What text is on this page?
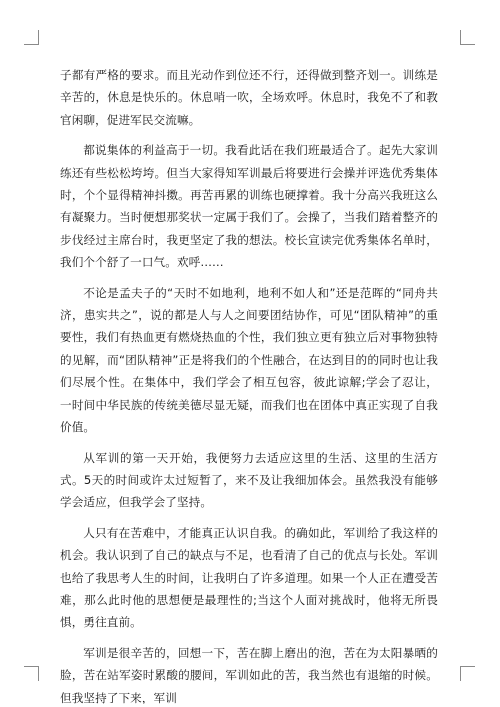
子都有严格的要求。而且光动作到位还不行，还得做到整齐划一。训练是辛苦的，休息是快乐的。休息哨一吹，全场欢呼。休息时，我免不了和教官闲聊，促进军民交流嘛。

都说集体的利益高于一切。我看此话在我们班最适合了。起先大家训练还有些松松垮垮。但当大家得知军训最后将要进行会操并评选优秀集体时，个个显得精神抖擞。再苦再累的训练也硬撑着。我十分高兴我班这么有凝聚力。当时便想那奖状一定属于我们了。会操了，当我们踏着整齐的步伐经过主席台时，我更坚定了我的想法。校长宣读完优秀集体名单时，我们个个舒了一口气。欢呼……

不论是孟夫子的“天时不如地利，地利不如人和”还是范晖的“同舟共济，患实共之”，说的都是人与人之间要团结协作，可见“团队精神”的重要性，我们有热血更有燃烧热血的个性，我们独立更有独立后对事物独特的见解，而“团队精神”正是将我们的个性融合，在达到目的的同时也让我们尽展个性。在集体中，我们学会了相互包容，彼此谅解;学会了忍让，一时间中华民族的传统美德尽显无疑，而我们也在团体中真正实现了自我价值。

从军训的第一天开始，我便努力去适应这里的生活、这里的生活方式。5天的时间或许太过短暂了，来不及让我细加体会。虽然我没有能够学会适应，但我学会了坚持。

人只有在苦难中，才能真正认识自我。的确如此，军训给了我这样的机会。我认识到了自己的缺点与不足，也看清了自己的优点与长处。军训也给了我思考人生的时间，让我明白了许多道理。如果一个人正在遭受苦难，那么此时他的思想便是最理性的;当这个人面对挑战时，他将无所畏惧，勇往直前。

军训是很辛苦的，回想一下，苦在脚上磨出的泡，苦在为太阳暴晒的脸，苦在站军姿时累酸的腰间，军训如此的苦，我当然也有退缩的时候。但我坚持了下来，军训
